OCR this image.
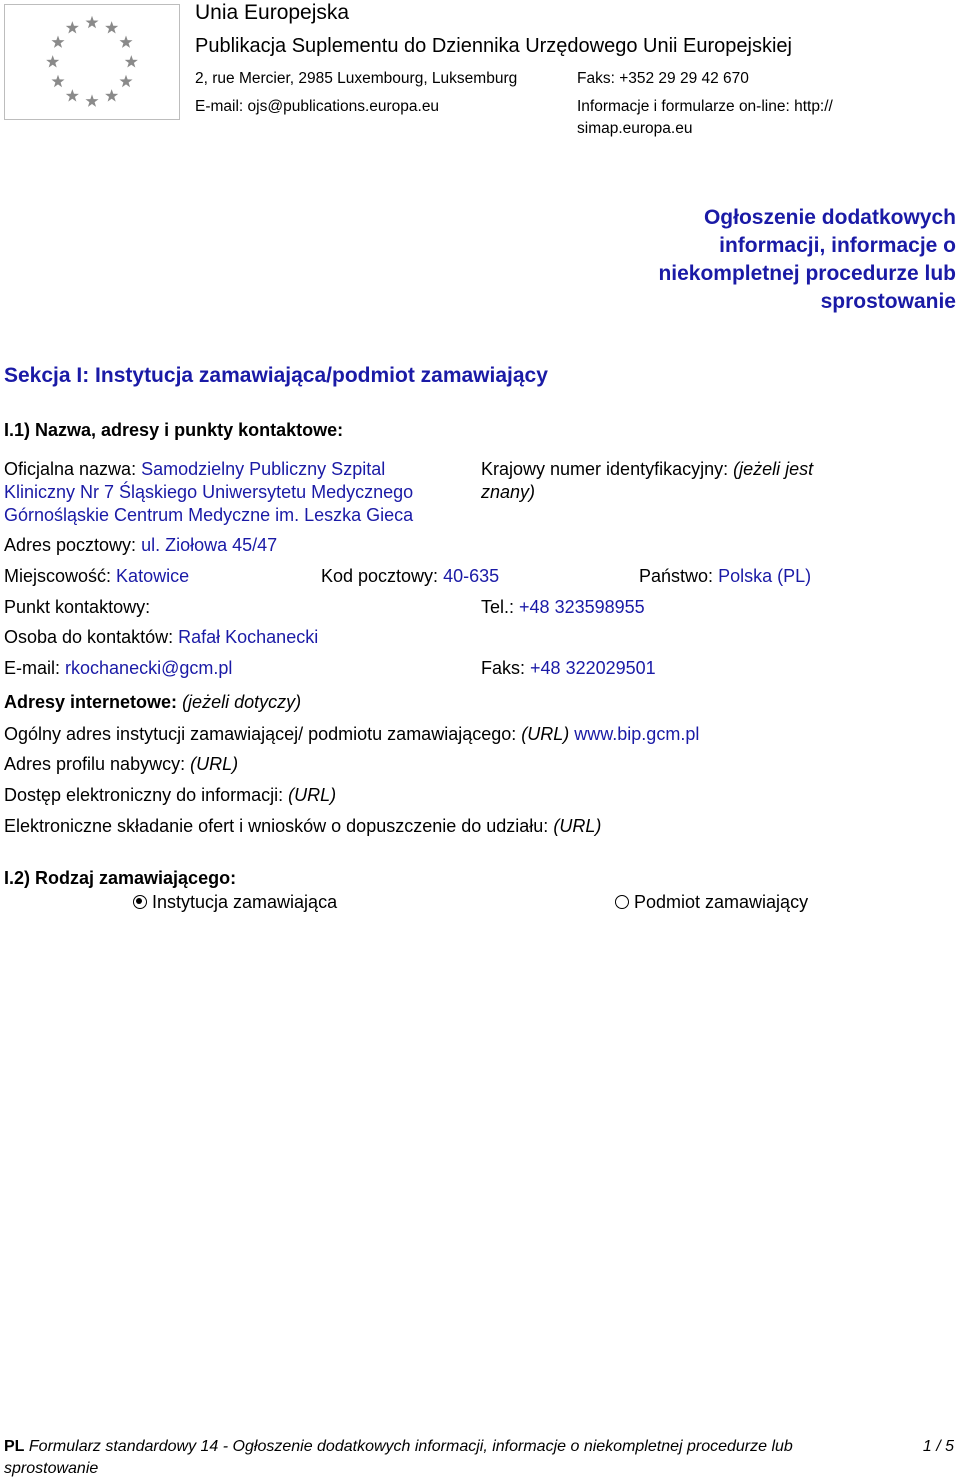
Unia Europejska
Publikacja Suplementu do Dziennika Urzędowego Unii Europejskiej
2, rue Mercier, 2985 Luxembourg, Luksemburg	Faks: +352 29 29 42 670
E-mail: ojs@publications.europa.eu	Informacje i formularze on-line: http://
simap.europa.eu
Ogłoszenie dodatkowych
informacji, informacje o
niekompletnej procedurze lub
sprostowanie
Sekcja I: Instytucja zamawiająca/podmiot zamawiający
I.1) Nazwa, adresy i punkty kontaktowe:
Oficjalna nazwa: Samodzielny Publiczny Szpital
Kliniczny Nr 7 Śląskiego Uniwersytetu Medycznego
Górnośląskie Centrum Medyczne im. Leszka Gieca
Krajowy numer identyfikacyjny: (jeżeli jest
znany)
Adres pocztowy: ul. Ziołowa 45/47
Miejscowość: Katowice	Kod pocztowy: 40-635	Państwo: Polska (PL)
Punkt kontaktowy:	Tel.: +48 323598955
Osoba do kontaktów: Rafał Kochanecki
E-mail: rkochanecki@gcm.pl	Faks: +48 322029501
Adresy internetowe: (jeżeli dotyczy)
Ogólny adres instytucji zamawiającej/ podmiotu zamawiającego: (URL) www.bip.gcm.pl
Adres profilu nabywcy: (URL)
Dostęp elektroniczny do informacji: (URL)
Elektroniczne składanie ofert i wniosków o dopuszczenie do udziału: (URL)
I.2) Rodzaj zamawiającego:
Instytucja zamawiająca	Podmiot zamawiający
PL Formularz standardowy 14 - Ogłoszenie dodatkowych informacji, informacje o niekompletnej procedurze lub
sprostowanie
1 / 5
